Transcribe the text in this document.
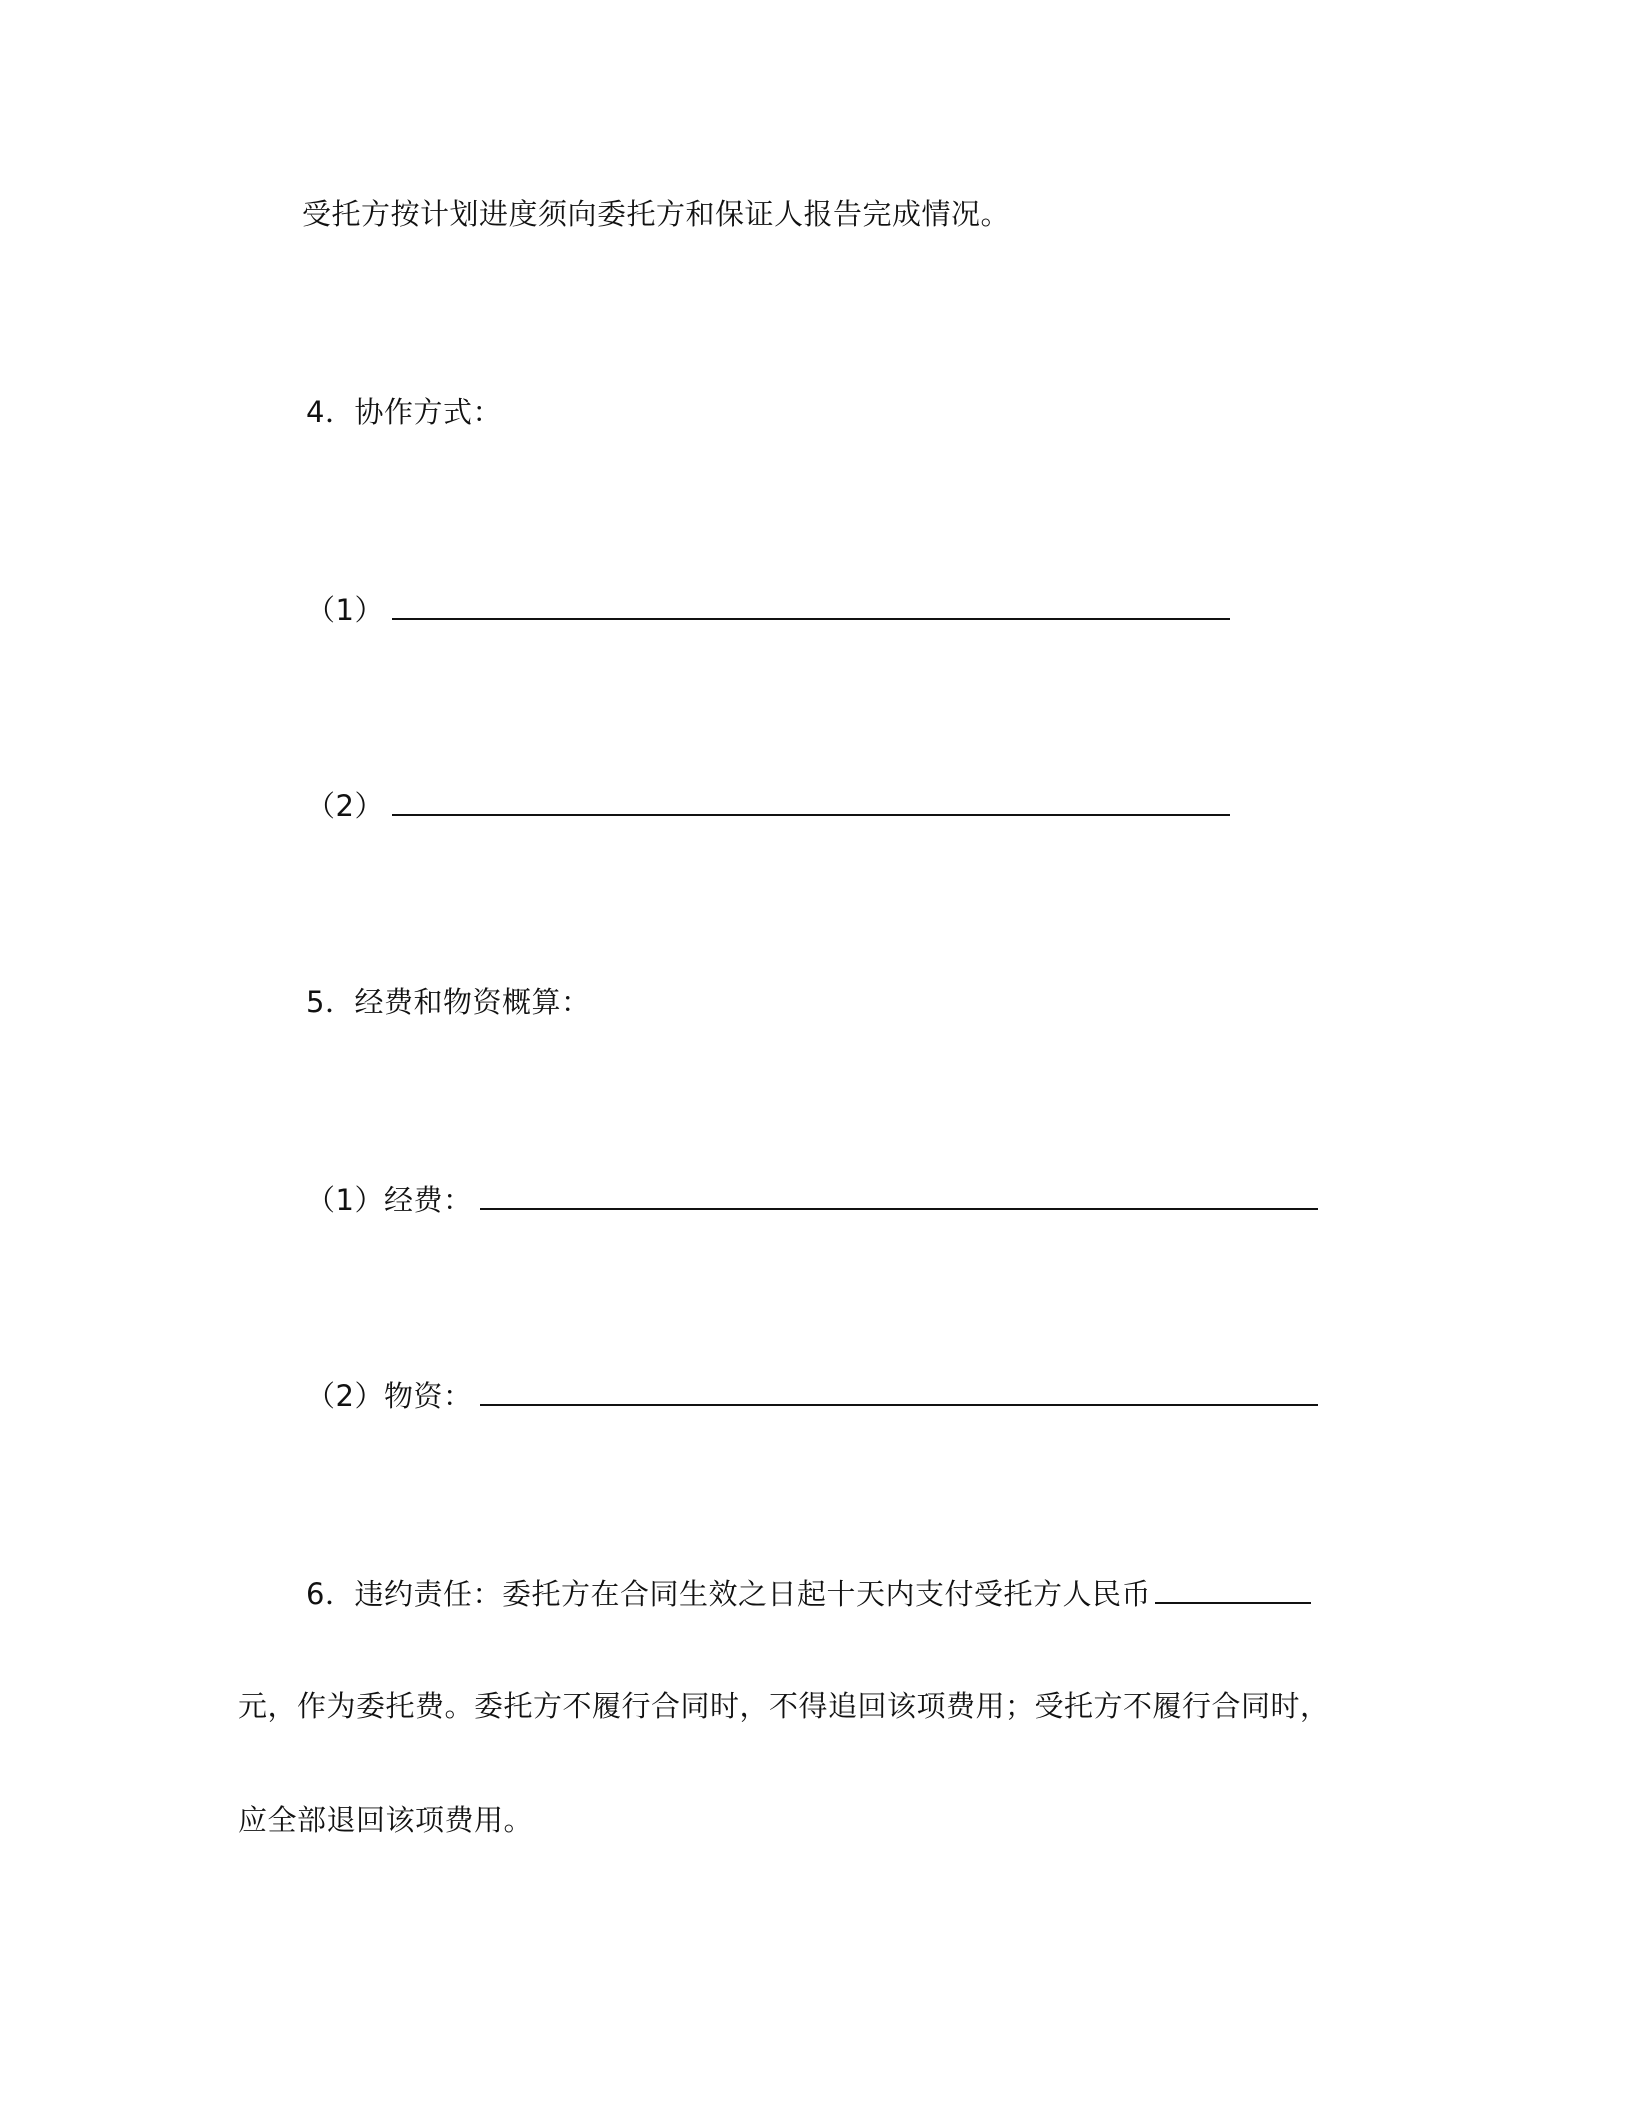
受托方按计划进度须向委托方和保证人报告完成情况。
4．协作方式：
（1）
（2）
5．经费和物资概算：
（1）经费：
（2）物资：
6．违约责任：委托方在合同生效之日起十天内支付受托方人民币
元，作为委托费。委托方不履行合同时，不得追回该项费用；受托方不履行合同时，
应全部退回该项费用。
